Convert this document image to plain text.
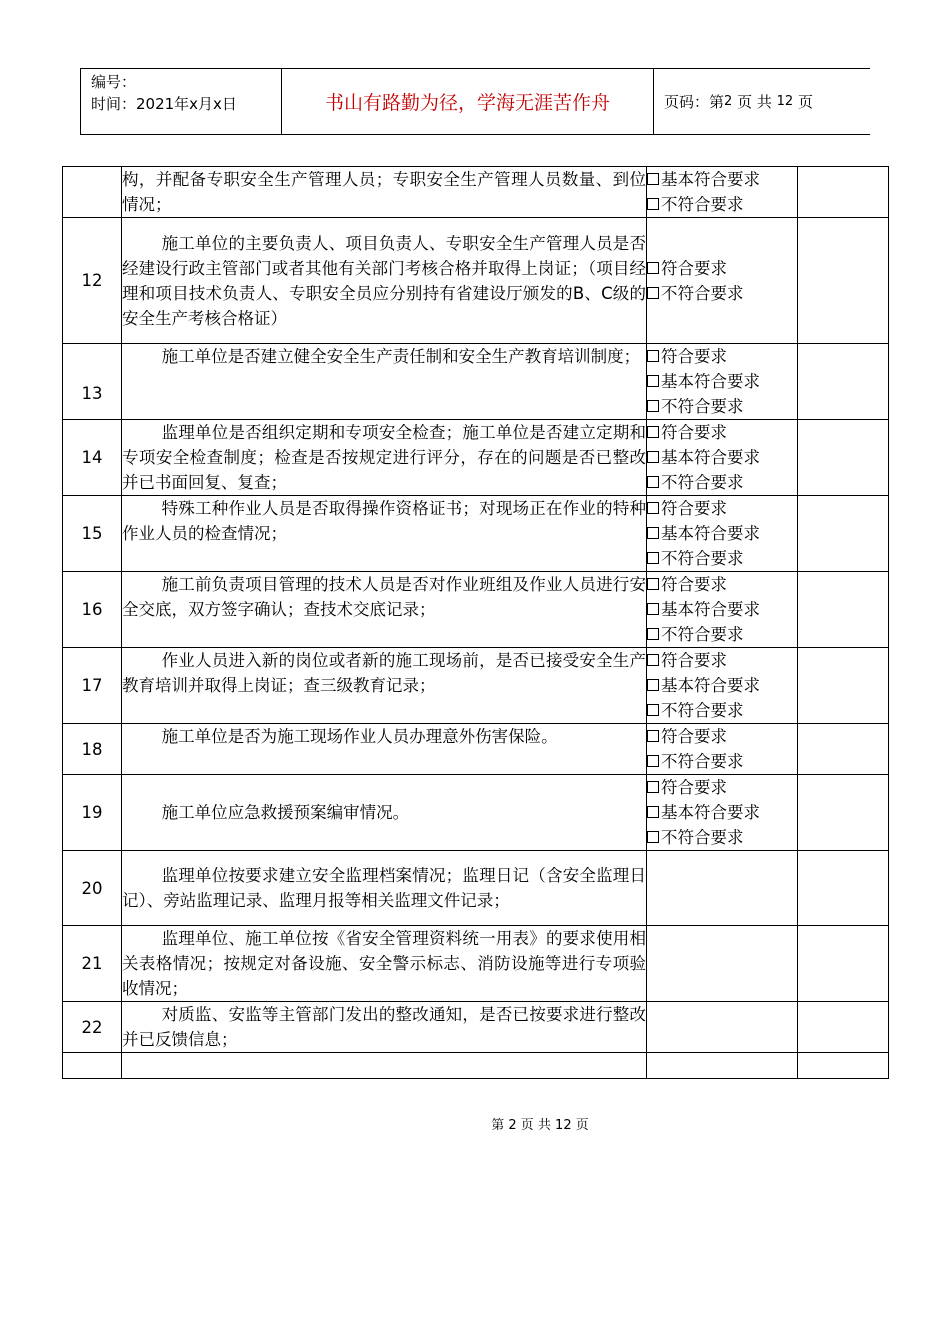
编号：
时间：2021年x月x日	书山有路勤为径，学海无涯苦作舟	页码：第 2
页 共
12
页

	构，并配备专职安全生产管理人员；专职安全生产管理人员数量、到位情况；	基本符合要求
不符合要求	

12	施工单位的主要负责人、项目负责人、专职安全生产管理人员是否经建设行政主管部门或者其他有关部门考核合格并取得上岗证；（项目经理和项目技术负责人、专职安全员应分别持有省建设厅颁发的B、C级的安全生产考核合格证）	符合要求
不符合要求	

13	施工单位是否建立健全安全生产责任制和安全生产教育培训制度；	符合要求
基本符合要求
不符合要求	

14	监理单位是否组织定期和专项安全检查；施工单位是否建立定期和专项安全检查制度；检查是否按规定进行评分，存在的问题是否已整改并已书面回复、复查；	符合要求
基本符合要求
不符合要求	

15	特殊工种作业人员是否取得操作资格证书；对现场正在作业的特种作业人员的检查情况；	符合要求
基本符合要求
不符合要求	

16	施工前负责项目管理的技术人员是否对作业班组及作业人员进行安全交底，双方签字确认；查技术交底记录；	符合要求
基本符合要求
不符合要求	

17	作业人员进入新的岗位或者新的施工现场前，是否已接受安全生产教育培训并取得上岗证；查三级教育记录；	符合要求
基本符合要求
不符合要求	

18	施工单位是否为施工现场作业人员办理意外伤害保险。	符合要求
不符合要求	

19	施工单位应急救援预案编审情况。	符合要求
基本符合要求
不符合要求	

20	监理单位按要求建立安全监理档案情况；监理日记（含安全监理日记）、旁站监理记录、监理月报等相关监理文件记录；		

21	监理单位、施工单位按《省安全管理资料统一用表》的要求使用相关表格情况；按规定对备设施、安全警示标志、消防设施等进行专项验收情况；		

22	对质监、安监等主管部门发出的整改通知，是否已按要求进行整改并已反馈信息；		

第 2 页 共 12 页
